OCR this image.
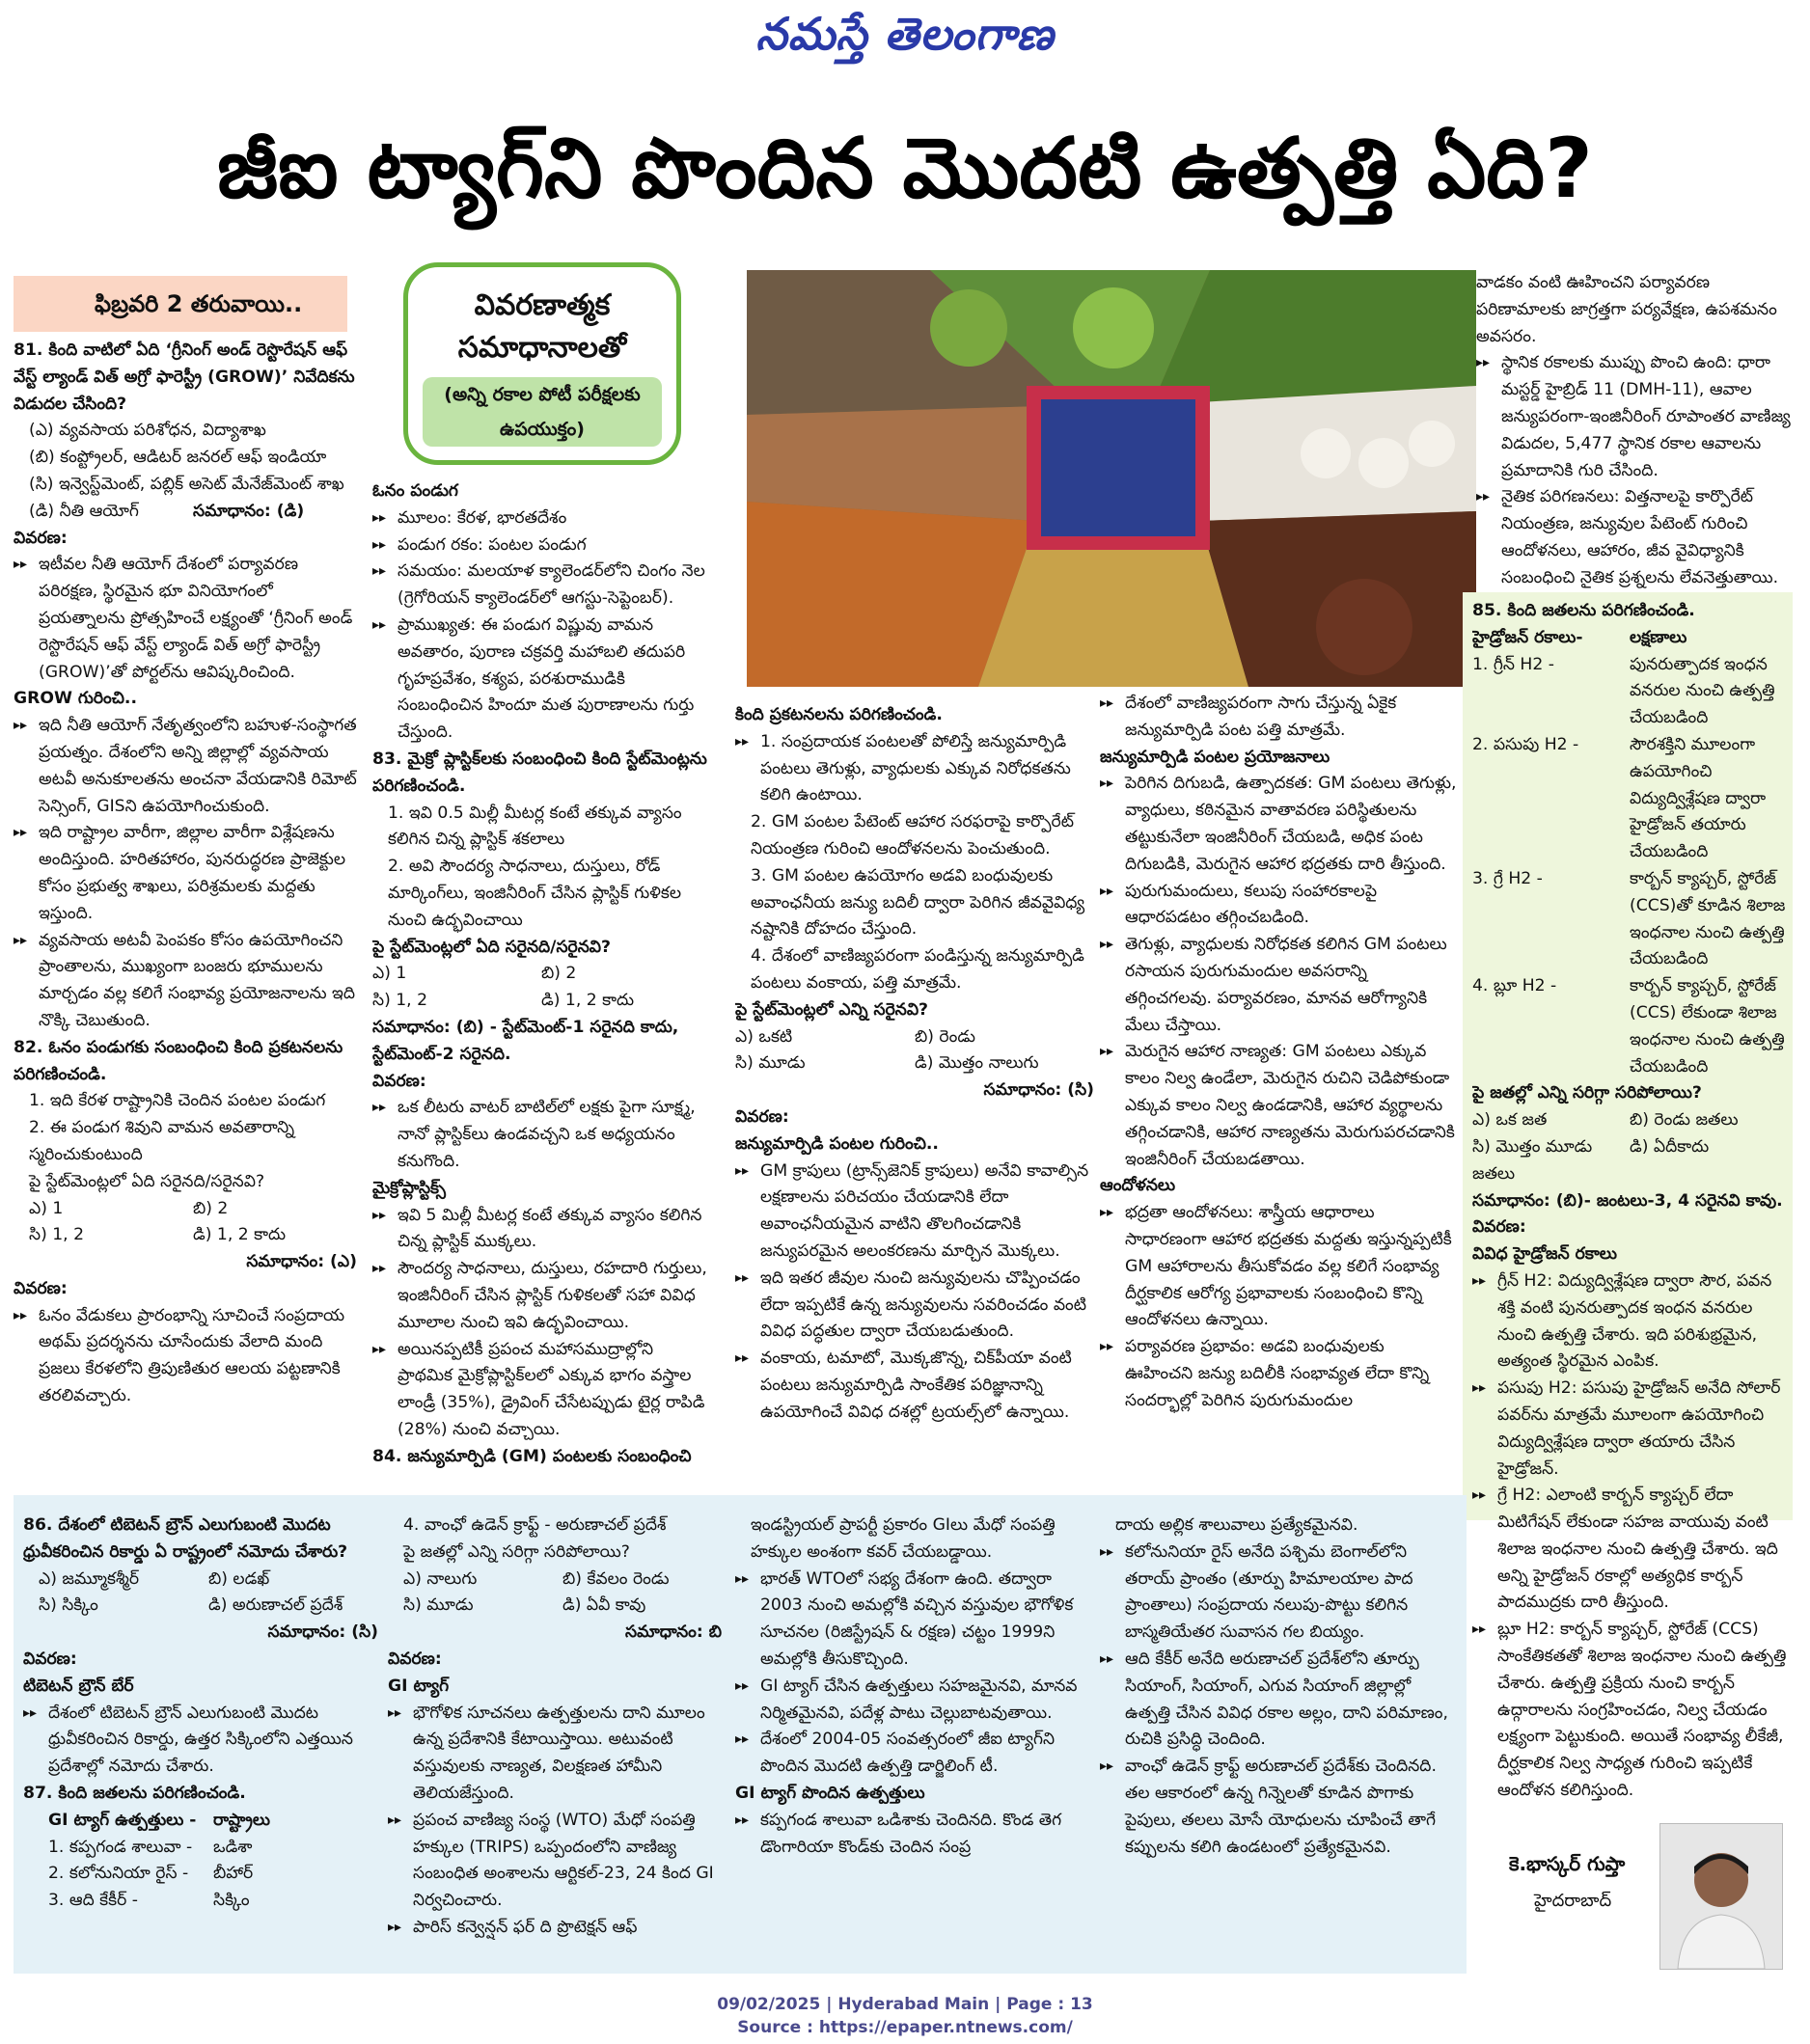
నమస్తే తెలంగాణ
జీఐ ట్యాగ్‌ని పొందిన మొదటి ఉత్పత్తి ఏది?
ఫిబ్రవరి 2 తరువాయి..	వివరణాత్మక సమాధానాలతో
(అన్ని రకాల పోటీ పరీక్షలకు ఉపయుక్తం)

81. కింది వాటిలో ఏది ‘గ్రీనింగ్ అండ్ రెస్టొరేషన్ ఆఫ్ వేస్ట్ ల్యాండ్ విత్ అగ్రో ఫారెస్ట్రీ (GROW)’ నివేదికను విడుదల చేసింది?

(ఎ) వ్యవసాయ పరిశోధన, విద్యాశాఖ

(బి) కంప్ట్రోలర్, ఆడిటర్ జనరల్ ఆఫ్ ఇండియా

(సి) ఇన్వెస్ట్‌మెంట్, పబ్లిక్ అసెట్ మేనేజ్‌మెంట్ శాఖ

(డి) నీతి ఆయోగ్	సమాధానం: (డి)

వివరణ:

▸▸ ఇటీవల నీతి ఆయోగ్ దేశంలో పర్యావరణ పరిరక్షణ, స్థిరమైన భూ వినియోగంలో ప్రయత్నాలను ప్రోత్సహించే లక్ష్యంతో ‘గ్రీనింగ్ అండ్ రెస్టొరేషన్ ఆఫ్ వేస్ట్ ల్యాండ్ విత్ అగ్రో ఫారెస్ట్రీ (GROW)’తో పోర్టల్‌ను ఆవిష్కరించింది.

GROW గురించి..

▸▸ ఇది నీతి ఆయోగ్ నేతృత్వంలోని బహుళ-సంస్థాగత ప్రయత్నం. దేశంలోని అన్ని జిల్లాల్లో వ్యవసాయ అటవీ అనుకూలతను అంచనా వేయడానికి రిమోట్ సెన్సింగ్, GISని ఉపయోగించుకుంది.
▸▸ ఇది రాష్ట్రాల వారీగా, జిల్లాల వారీగా విశ్లేషణను అందిస్తుంది. హరితహారం, పునరుద్ధరణ ప్రాజెక్టుల కోసం ప్రభుత్వ శాఖలు, పరిశ్రమలకు మద్దతు ఇస్తుంది.
▸▸ వ్యవసాయ అటవీ పెంపకం కోసం ఉపయోగించని ప్రాంతాలను, ముఖ్యంగా బంజరు భూములను మార్చడం వల్ల కలిగే సంభావ్య ప్రయోజనాలను ఇది నొక్కి చెబుతుంది.

82. ఓనం పండుగకు సంబంధించి కింది ప్రకటనలను పరిగణించండి.

1. ఇది కేరళ రాష్ట్రానికి చెందిన పంటల పండుగ

2. ఈ పండుగ శివుని వామన అవతారాన్ని స్మరించుకుంటుంది

పై స్టేట్‌మెంట్లలో ఏది సరైనది/సరైనవి?

ఎ) 1	బి) 2
సి) 1, 2	డి) 1, 2 కాదు

సమాధానం: (ఎ)

వివరణ:

▸▸ ఓనం వేడుకలు ప్రారంభాన్ని సూచించే సంప్రదాయ అథమ్ ప్రదర్శనను చూసేందుకు వేలాది మంది ప్రజలు కేరళలోని త్రిపుణితుర ఆలయ పట్టణానికి తరలివచ్చారు.

ఓనం పండుగ

▸▸ మూలం: కేరళ, భారతదేశం
▸▸ పండుగ రకం: పంటల పండుగ
▸▸ సమయం: మలయాళ క్యాలెండర్‌లోని చింగం నెల (గ్రెగోరియన్ క్యాలెండర్‌లో ఆగస్టు-సెప్టెంబర్).
▸▸ ప్రాముఖ్యత: ఈ పండుగ విష్ణువు వామన అవతారం, పురాణ చక్రవర్తి మహాబలి తదుపరి గృహప్రవేశం, కశ్యప, పరశురాముడికి సంబంధించిన హిందూ మత పురాణాలను గుర్తు చేస్తుంది.

83. మైక్రో ప్లాస్టిక్‌లకు సంబంధించి కింది స్టేట్‌మెంట్లను పరిగణించండి.

1. ఇవి 0.5 మిల్లీ మీటర్ల కంటే తక్కువ వ్యాసం కలిగిన చిన్న ప్లాస్టిక్ శకలాలు

2. అవి సౌందర్య సాధనాలు, దుస్తులు, రోడ్ మార్కింగ్‌లు, ఇంజినీరింగ్ చేసిన ప్లాస్టిక్ గుళికల నుంచి ఉద్భవించాయి

పై స్టేట్‌మెంట్లలో ఏది సరైనది/సరైనవి?

ఎ) 1	బి) 2
సి) 1, 2	డి) 1, 2 కాదు

సమాధానం: (బి) - స్టేట్‌మెంట్-1 సరైనది కాదు, స్టేట్‌మెంట్-2 సరైనది.

వివరణ:

▸▸ ఒక లీటరు వాటర్ బాటిల్‌లో లక్షకు పైగా సూక్ష్మ, నానో ప్లాస్టిక్‌లు ఉండవచ్చని ఒక అధ్యయనం కనుగొంది.

మైక్రోప్లాస్టిక్స్

▸▸ ఇవి 5 మిల్లీ మీటర్ల కంటే తక్కువ వ్యాసం కలిగిన చిన్న ప్లాస్టిక్ ముక్కలు.
▸▸ సౌందర్య సాధనాలు, దుస్తులు, రహదారి గుర్తులు, ఇంజినీరింగ్ చేసిన ప్లాస్టిక్ గుళికలతో సహా వివిధ మూలాల నుంచి ఇవి ఉద్భవించాయి.
▸▸ అయినప్పటికీ ప్రపంచ మహాసముద్రాల్లోని ప్రాథమిక మైక్రోప్లాస్టిక్‌లలో ఎక్కువ భాగం వస్త్రాల లాండ్రీ (35%), డ్రైవింగ్ చేసేటప్పుడు టైర్ల రాపిడి (28%) నుంచి వచ్చాయి.

84. జన్యుమార్పిడి (GM) పంటలకు సంబంధించి

కింది ప్రకటనలను పరిగణించండి.

▸▸ 1. సంప్రదాయక పంటలతో పోలిస్తే జన్యుమార్పిడి పంటలు తెగుళ్లు, వ్యాధులకు ఎక్కువ నిరోధకతను కలిగి ఉంటాయి.

2. GM పంటల పేటెంట్ ఆహార సరఫరాపై కార్పొరేట్ నియంత్రణ గురించి ఆందోళనలను పెంచుతుంది.

3. GM పంటల ఉపయోగం అడవి బంధువులకు అవాంఛనీయ జన్యు బదిలీ ద్వారా పెరిగిన జీవవైవిధ్య నష్టానికి దోహదం చేస్తుంది.

4. దేశంలో వాణిజ్యపరంగా పండిస్తున్న జన్యుమార్పిడి పంటలు వంకాయ, పత్తి మాత్రమే.

పై స్టేట్‌మెంట్లలో ఎన్ని సరైనవి?

ఎ) ఒకటి	బి) రెండు
సి) మూడు	డి) మొత్తం నాలుగు

సమాధానం: (సి)

వివరణ:

జన్యుమార్పిడి పంటల గురించి..

▸▸ GM క్రాపులు (ట్రాన్స్‌జెనిక్ క్రాపులు) అనేవి కావాల్సిన లక్షణాలను పరిచయం చేయడానికి లేదా అవాంఛనీయమైన వాటిని తొలగించడానికి జన్యుపరమైన అలంకరణను మార్చిన మొక్కలు.
▸▸ ఇది ఇతర జీవుల నుంచి జన్యువులను చొప్పించడం లేదా ఇప్పటికే ఉన్న జన్యువులను సవరించడం వంటి వివిధ పద్ధతుల ద్వారా చేయబడుతుంది.
▸▸ వంకాయ, టమాటో, మొక్కజొన్న, చిక్‌పీయా వంటి పంటలు జన్యుమార్పిడి సాంకేతిక పరిజ్ఞానాన్ని ఉపయోగించే వివిధ దశల్లో ట్రయల్స్‌లో ఉన్నాయి.
▸▸ దేశంలో వాణిజ్యపరంగా సాగు చేస్తున్న ఏకైక జన్యుమార్పిడి పంట పత్తి మాత్రమే.

జన్యుమార్పిడి పంటల ప్రయోజనాలు

▸▸ పెరిగిన దిగుబడి, ఉత్పాదకత: GM పంటలు తెగుళ్లు, వ్యాధులు, కఠినమైన వాతావరణ పరిస్థితులను తట్టుకునేలా ఇంజినీరింగ్ చేయబడి, అధిక పంట దిగుబడికి, మెరుగైన ఆహార భద్రతకు దారి తీస్తుంది.
▸▸ పురుగుమందులు, కలుపు సంహారకాలపై ఆధారపడటం తగ్గించబడింది.
▸▸ తెగుళ్లు, వ్యాధులకు నిరోధకత కలిగిన GM పంటలు రసాయన పురుగుమందుల అవసరాన్ని తగ్గించగలవు. పర్యావరణం, మానవ ఆరోగ్యానికి మేలు చేస్తాయి.
▸▸ మెరుగైన ఆహార నాణ్యత: GM పంటలు ఎక్కువ కాలం నిల్వ ఉండేలా, మెరుగైన రుచిని చెడిపోకుండా ఎక్కువ కాలం నిల్వ ఉండడానికి, ఆహార వ్యర్థాలను తగ్గించడానికి, ఆహార నాణ్యతను మెరుగుపరచడానికి ఇంజినీరింగ్ చేయబడతాయి.

ఆందోళనలు

▸▸ భద్రతా ఆందోళనలు: శాస్త్రీయ ఆధారాలు సాధారణంగా ఆహార భద్రతకు మద్దతు ఇస్తున్నప్పటికీ GM ఆహారాలను తీసుకోవడం వల్ల కలిగే సంభావ్య దీర్ఘకాలిక ఆరోగ్య ప్రభావాలకు సంబంధించి కొన్ని ఆందోళనలు ఉన్నాయి.
▸▸ పర్యావరణ ప్రభావం: అడవి బంధువులకు ఊహించని జన్యు బదిలీకి సంభావ్యత లేదా కొన్ని సందర్భాల్లో పెరిగిన పురుగుమందుల

వాడకం వంటి ఊహించని పర్యావరణ పరిణామాలకు జాగ్రత్తగా పర్యవేక్షణ, ఉపశమనం అవసరం.

▸▸ స్థానిక రకాలకు ముప్పు పొంచి ఉంది: ధారా మస్టర్డ్ హైబ్రిడ్ 11 (DMH-11), ఆవాల జన్యుపరంగా-ఇంజినీరింగ్ రూపాంతర వాణిజ్య విడుదల, 5,477 స్థానిక రకాల ఆవాలను ప్రమాదానికి గురి చేసింది.
▸▸ నైతిక పరిగణనలు: విత్తనాలపై కార్పొరేట్ నియంత్రణ, జన్యువుల పేటెంట్ గురించి ఆందోళనలు, ఆహారం, జీవ వైవిధ్యానికి సంబంధించి నైతిక ప్రశ్నలను లేవనెత్తుతాయి.

85. కింది జతలను పరిగణించండి.

హైడ్రోజన్ రకాలు-	లక్షణాలు
1. గ్రీన్ H2 -	పునరుత్పాదక ఇంధన వనరుల నుంచి ఉత్పత్తి చేయబడింది
2. పసుపు H2 -	సౌరశక్తిని మూలంగా ఉపయోగించి విద్యుద్విశ్లేషణ ద్వారా హైడ్రోజన్ తయారు చేయబడింది
3. గ్రే H2 -	కార్బన్ క్యాప్చర్, స్టోరేజ్ (CCS)తో కూడిన శిలాజ ఇంధనాల నుంచి ఉత్పత్తి చేయబడింది
4. బ్లూ H2 -	కార్బన్ క్యాప్చర్, స్టోరేజ్ (CCS) లేకుండా శిలాజ ఇంధనాల నుంచి ఉత్పత్తి చేయబడింది

పై జతల్లో ఎన్ని సరిగ్గా సరిపోలాయి?

ఎ) ఒక జత	బి) రెండు జతలు
సి) మొత్తం మూడు జతలు
డి) ఏదీకాదు

సమాధానం: (బి)- జంటలు-3, 4 సరైనవి కావు.

వివరణ:

వివిధ హైడ్రోజన్ రకాలు

▸▸ గ్రీన్ H2: విద్యుద్విశ్లేషణ ద్వారా సౌర, పవన శక్తి వంటి పునరుత్పాదక ఇంధన వనరుల నుంచి ఉత్పత్తి చేశారు. ఇది పరిశుభ్రమైన, అత్యంత స్థిరమైన ఎంపిక.
▸▸ పసుపు H2: పసుపు హైడ్రోజన్ అనేది సోలార్ పవర్‌ను మాత్రమే మూలంగా ఉపయోగించి విద్యుద్విశ్లేషణ ద్వారా తయారు చేసిన హైడ్రోజన్.
▸▸ గ్రే H2: ఎలాంటి కార్బన్ క్యాప్చర్ లేదా మిటిగేషన్ లేకుండా సహజ వాయువు వంటి శిలాజ ఇంధనాల నుంచి ఉత్పత్తి చేశారు. ఇది అన్ని హైడ్రోజన్ రకాల్లో అత్యధిక కార్బన్ పాదముద్రకు దారి తీస్తుంది.
▸▸ బ్లూ H2: కార్బన్ క్యాప్చర్, స్టోరేజ్ (CCS) సాంకేతికతతో శిలాజ ఇంధనాల నుంచి ఉత్పత్తి చేశారు. ఉత్పత్తి ప్రక్రియ నుంచి కార్బన్ ఉద్గారాలను సంగ్రహించడం, నిల్వ చేయడం లక్ష్యంగా పెట్టుకుంది. అయితే సంభావ్య లీకేజీ, దీర్ఘకాలిక నిల్వ సాధ్యత గురించి ఇప్పటికే ఆందోళన కలిగిస్తుంది.

86. దేశంలో టిబెటన్ బ్రౌన్ ఎలుగుబంటి మొదట ధ్రువీకరించిన రికార్డు ఏ రాష్ట్రంలో నమోదు చేశారు?

ఎ) జమ్మూకశ్మీర్	బి) లడఖ్
సి) సిక్కిం	డి) అరుణాచల్ ప్రదేశ్

సమాధానం: (సి)

వివరణ:

టిబెటన్ బ్రౌన్ బేర్

▸▸ దేశంలో టిబెటన్ బ్రౌన్ ఎలుగుబంటి మొదట ధ్రువీకరించిన రికార్డు, ఉత్తర సిక్కింలోని ఎత్తయిన ప్రదేశాల్లో నమోదు చేశారు.

87. కింది జతలను పరిగణించండి.

GI ట్యాగ్ ఉత్పత్తులు -	రాష్ట్రాలు
1. కప్పగండ శాలువా -	ఒడిశా
2. కలోనునియా రైస్ -	బీహార్
3. ఆది కేకీర్ -	సిక్కిం

4. వాంఛో ఉడెన్ క్రాఫ్ట్ - అరుణాచల్ ప్రదేశ్

పై జతల్లో ఎన్ని సరిగ్గా సరిపోలాయి?

ఎ) నాలుగు	బి) కేవలం రెండు
సి) మూడు	డి) ఏవీ కావు

సమాధానం: బి

వివరణ:

GI ట్యాగ్

▸▸ భౌగోళిక సూచనలు ఉత్పత్తులను దాని మూలం ఉన్న ప్రదేశానికి కేటాయిస్తాయి. అటువంటి వస్తువులకు నాణ్యత, విలక్షణత హామీని తెలియజేస్తుంది.
▸▸ ప్రపంచ వాణిజ్య సంస్థ (WTO) మేధో సంపత్తి హక్కుల (TRIPS) ఒప్పందంలోని వాణిజ్య సంబంధిత అంశాలను ఆర్టికల్-23, 24 కింద GI నిర్వచించారు.
▸▸ పారిస్ కన్వెన్షన్ ఫర్ ది ప్రొటెక్షన్ ఆఫ్

ఇండస్ట్రియల్ ప్రాపర్టీ ప్రకారం GIలు మేధో సంపత్తి హక్కుల అంశంగా కవర్ చేయబడ్డాయి.

▸▸ భారత్ WTOలో సభ్య దేశంగా ఉంది. తద్వారా 2003 నుంచి అమల్లోకి వచ్చిన వస్తువుల భౌగోళిక సూచనల (రిజిస్ట్రేషన్ & రక్షణ) చట్టం 1999ని అమల్లోకి తీసుకొచ్చింది.
▸▸ GI ట్యాగ్ చేసిన ఉత్పత్తులు సహజమైనవి, మానవ నిర్మితమైనవి, పదేళ్ల పాటు చెల్లుబాటవుతాయి.
▸▸ దేశంలో 2004-05 సంవత్సరంలో జీఐ ట్యాగ్‌ని పొందిన మొదటి ఉత్పత్తి డార్జిలింగ్ టీ.

GI ట్యాగ్ పొందిన ఉత్పత్తులు

▸▸ కప్పగండ శాలువా ఒడిశాకు చెందినది. కొండ తెగ డొంగారియా కొండ్‌కు చెందిన సంప్ర

దాయ అల్లిక శాలువాలు ప్రత్యేకమైనవి.

▸▸ కలోనునియా రైస్ అనేది పశ్చిమ బెంగాల్‌లోని తరాయ్ ప్రాంతం (తూర్పు హిమాలయాల పాద ప్రాంతాలు) సంప్రదాయ నలుపు-పొట్టు కలిగిన బాస్మతియేతర సువాసన గల బియ్యం.
▸▸ ఆది కేకీర్ అనేది అరుణాచల్ ప్రదేశ్‌లోని తూర్పు సియాంగ్, సియాంగ్, ఎగువ సియాంగ్ జిల్లాల్లో ఉత్పత్తి చేసిన వివిధ రకాల అల్లం, దాని పరిమాణం, రుచికి ప్రసిద్ధి చెందింది.
▸▸ వాంఛో ఉడెన్ క్రాఫ్ట్ అరుణాచల్ ప్రదేశ్‌కు చెందినది. తల ఆకారంలో ఉన్న గిన్నెలతో కూడిన పొగాకు పైపులు, తలలు మోసే యోధులను చూపించే తాగే కప్పులను కలిగి ఉండటంలో ప్రత్యేకమైనవి.
కె.భాస్కర్ గుప్తా
హైదరాబాద్
09/02/2025 | Hyderabad Main | Page : 13
Source : https://epaper.ntnews.com/
